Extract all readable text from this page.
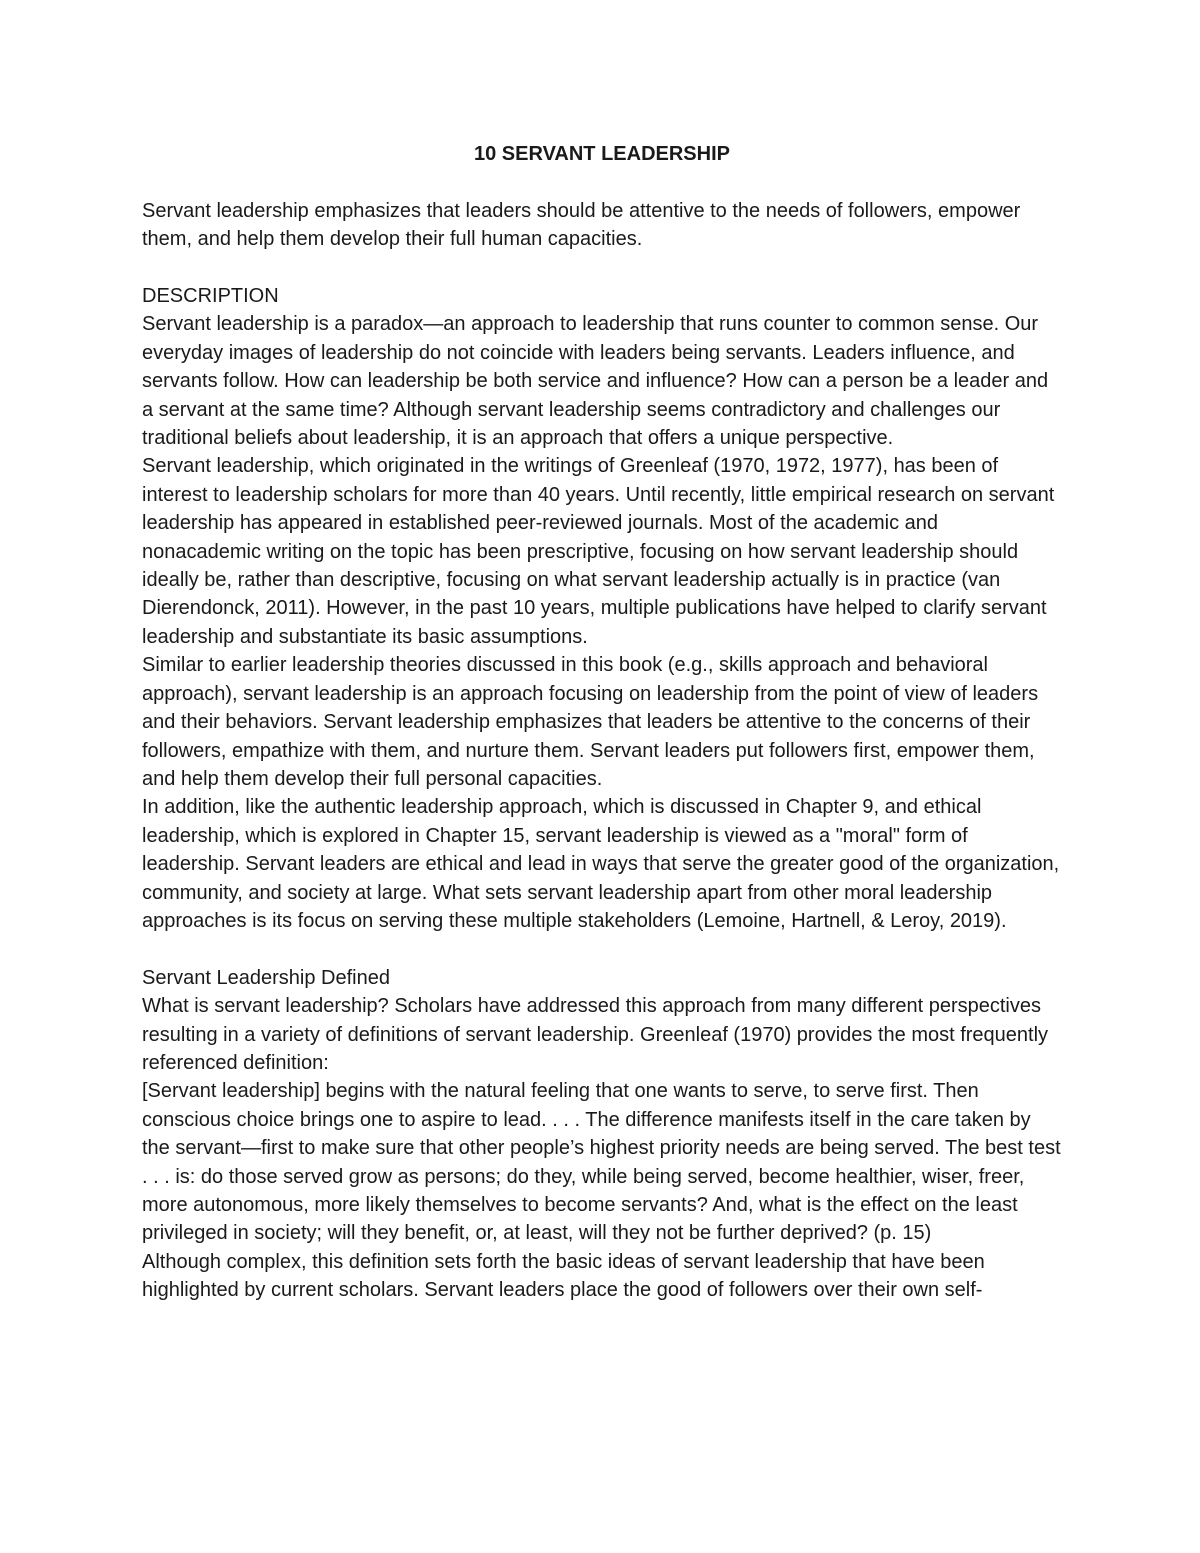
10 SERVANT LEADERSHIP

Servant leadership emphasizes that leaders should be attentive to the needs of followers, empower them, and help them develop their full human capacities.

DESCRIPTION

Servant leadership is a paradox—an approach to leadership that runs counter to common sense. Our everyday images of leadership do not coincide with leaders being servants. Leaders influence, and servants follow. How can leadership be both service and influence? How can a person be a leader and a servant at the same time? Although servant leadership seems contradictory and challenges our traditional beliefs about leadership, it is an approach that offers a unique perspective.

Servant leadership, which originated in the writings of Greenleaf (1970, 1972, 1977), has been of interest to leadership scholars for more than 40 years. Until recently, little empirical research on servant leadership has appeared in established peer-reviewed journals. Most of the academic and nonacademic writing on the topic has been prescriptive, focusing on how servant leadership should ideally be, rather than descriptive, focusing on what servant leadership actually is in practice (van Dierendonck, 2011). However, in the past 10 years, multiple publications have helped to clarify servant leadership and substantiate its basic assumptions.

Similar to earlier leadership theories discussed in this book (e.g., skills approach and behavioral approach), servant leadership is an approach focusing on leadership from the point of view of leaders and their behaviors. Servant leadership emphasizes that leaders be attentive to the concerns of their followers, empathize with them, and nurture them. Servant leaders put followers first, empower them, and help them develop their full personal capacities.

In addition, like the authentic leadership approach, which is discussed in Chapter 9, and ethical leadership, which is explored in Chapter 15, servant leadership is viewed as a "moral" form of leadership. Servant leaders are ethical and lead in ways that serve the greater good of the organization, community, and society at large. What sets servant leadership apart from other moral leadership approaches is its focus on serving these multiple stakeholders (Lemoine, Hartnell, & Leroy, 2019).

Servant Leadership Defined

What is servant leadership? Scholars have addressed this approach from many different perspectives resulting in a variety of definitions of servant leadership. Greenleaf (1970) provides the most frequently referenced definition:

[Servant leadership] begins with the natural feeling that one wants to serve, to serve first. Then conscious choice brings one to aspire to lead. . . . The difference manifests itself in the care taken by the servant—first to make sure that other people’s highest priority needs are being served. The best test . . . is: do those served grow as persons; do they, while being served, become healthier, wiser, freer, more autonomous, more likely themselves to become servants? And, what is the effect on the least privileged in society; will they benefit, or, at least, will they not be further deprived? (p. 15)

Although complex, this definition sets forth the basic ideas of servant leadership that have been highlighted by current scholars. Servant leaders place the good of followers over their own self-
